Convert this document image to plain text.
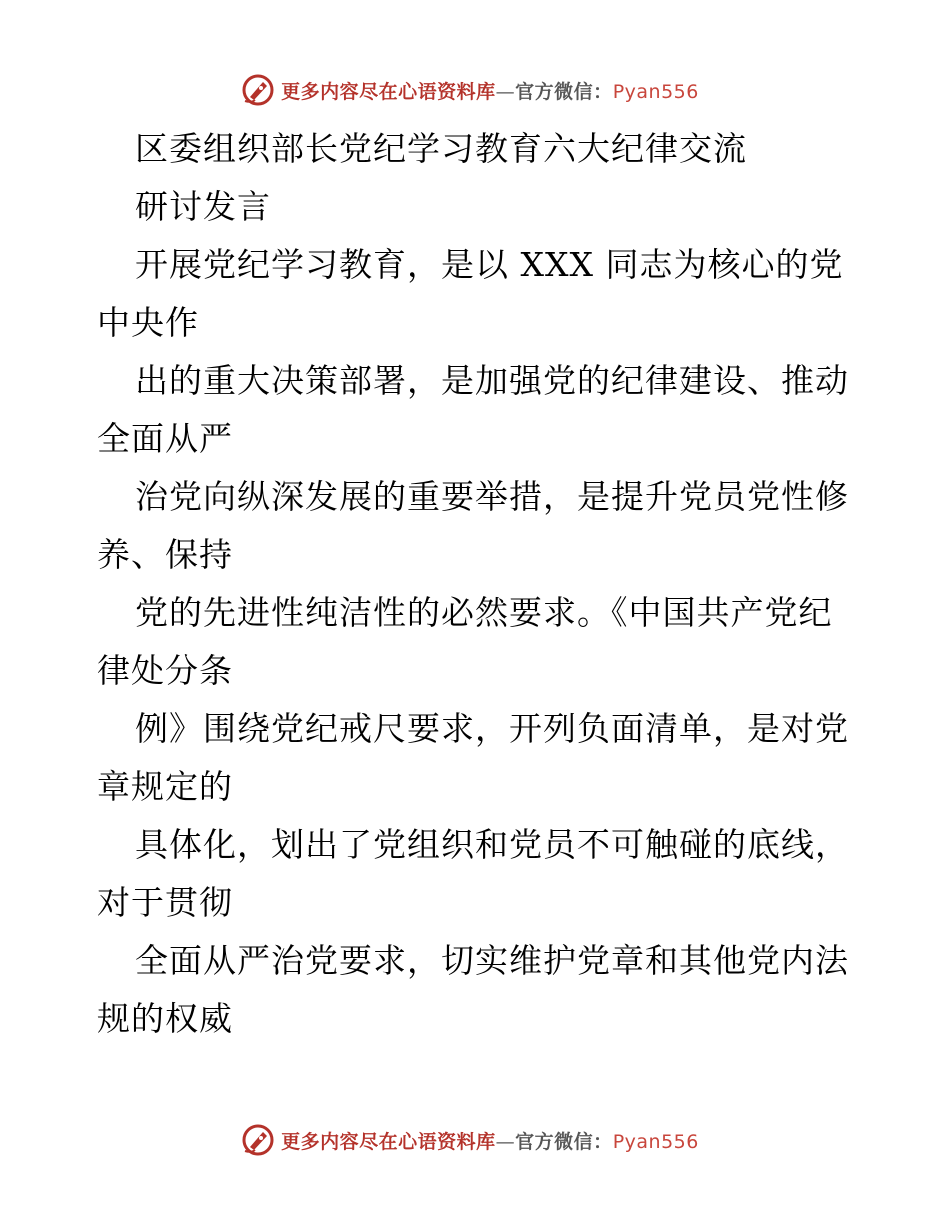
更多内容尽在心语资料库—官方微信：Pyan556
区委组织部长党纪学习教育六大纪律交流
研讨发言
开展党纪学习教育，是以 XXX 同志为核心的党
中央作
出的重大决策部署，是加强党的纪律建设、推动
全面从严
治党向纵深发展的重要举措，是提升党员党性修
养、保持
党的先进性纯洁性的必然要求。《中国共产党纪
律处分条
例》围绕党纪戒尺要求，开列负面清单，是对党
章规定的
具体化，划出了党组织和党员不可触碰的底线，
对于贯彻
全面从严治党要求，切实维护党章和其他党内法
规的权威
更多内容尽在心语资料库—官方微信：Pyan556
